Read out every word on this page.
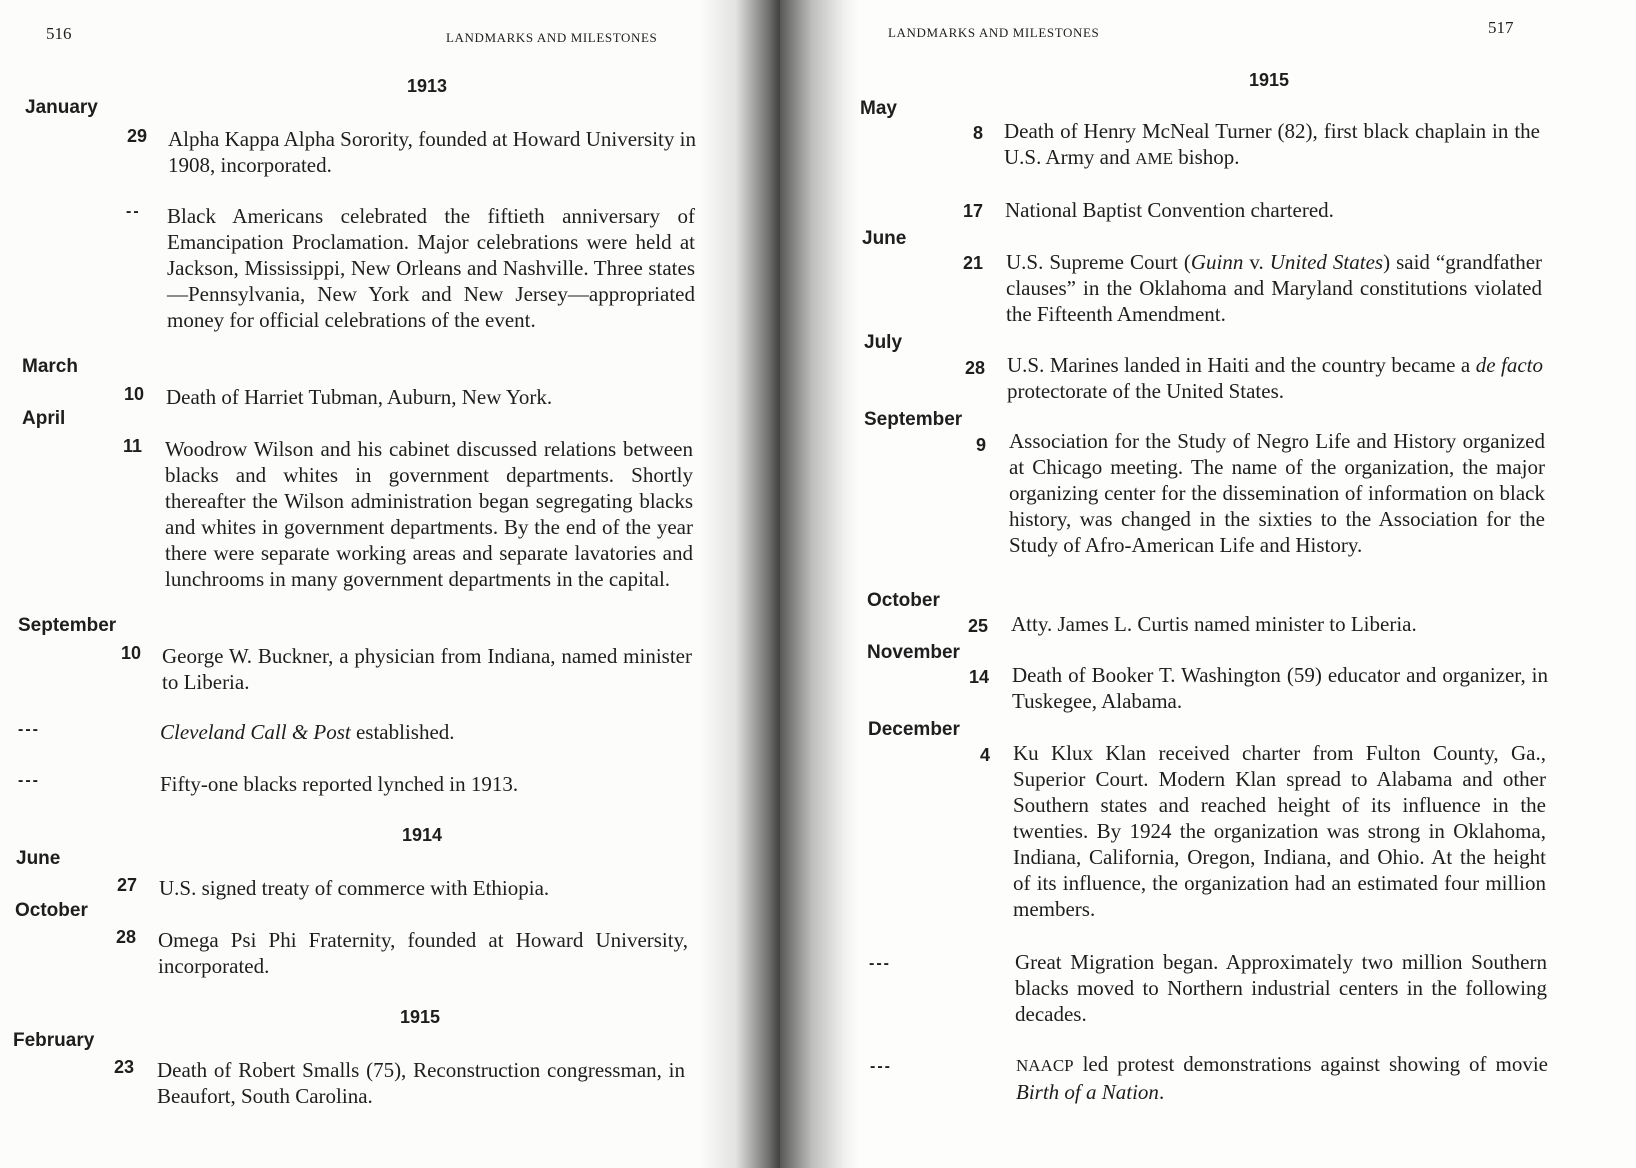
516	LANDMARKS AND MILESTONES
1913
January
29 Alpha Kappa Alpha Sorority, founded at Howard University in 1908, incorporated.
-- Black Americans celebrated the fiftieth anniversary of Emancipation Proclamation. Major celebrations were held at Jackson, Mississippi, New Orleans and Nashville. Three states—Pennsylvania, New York and New Jersey—appropriated money for official celebrations of the event.
March
10 Death of Harriet Tubman, Auburn, New York.
April
11 Woodrow Wilson and his cabinet discussed relations between blacks and whites in government departments. Shortly thereafter the Wilson administration began segregating blacks and whites in government departments. By the end of the year there were separate working areas and separate lavatories and lunchrooms in many government departments in the capital.
September
10 George W. Buckner, a physician from Indiana, named minister to Liberia.
---	Cleveland Call & Post established.
---	Fifty-one blacks reported lynched in 1913.
1914
June
27 U.S. signed treaty of commerce with Ethiopia.
October
28 Omega Psi Phi Fraternity, founded at Howard University, incorporated.
1915
February
23 Death of Robert Smalls (75), Reconstruction congressman, in Beaufort, South Carolina.
517
LANDMARKS AND MILESTONES
1915
May
8 Death of Henry McNeal Turner (82), first black chaplain in the U.S. Army and AME bishop.
17 National Baptist Convention chartered.
June
21 U.S. Supreme Court (Guinn v. United States) said “grandfather clauses” in the Oklahoma and Maryland constitutions violated the Fifteenth Amendment.
July
28 U.S. Marines landed in Haiti and the country became a de facto protectorate of the United States.
September
9 Association for the Study of Negro Life and History organized at Chicago meeting. The name of the organization, the major organizing center for the dissemination of information on black history, was changed in the sixties to the Association for the Study of Afro-American Life and History.
October
25 Atty. James L. Curtis named minister to Liberia.
November
14 Death of Booker T. Washington (59) educator and organizer, in Tuskegee, Alabama.
December
4 Ku Klux Klan received charter from Fulton County, Ga., Superior Court. Modern Klan spread to Alabama and other Southern states and reached height of its influence in the twenties. By 1924 the organization was strong in Oklahoma, Indiana, California, Oregon, Indiana, and Ohio. At the height of its influence, the organization had an estimated four million members.
---	Great Migration began. Approximately two million Southern blacks moved to Northern industrial centers in the following decades.
---	NAACP led protest demonstrations against showing of movie Birth of a Nation.
